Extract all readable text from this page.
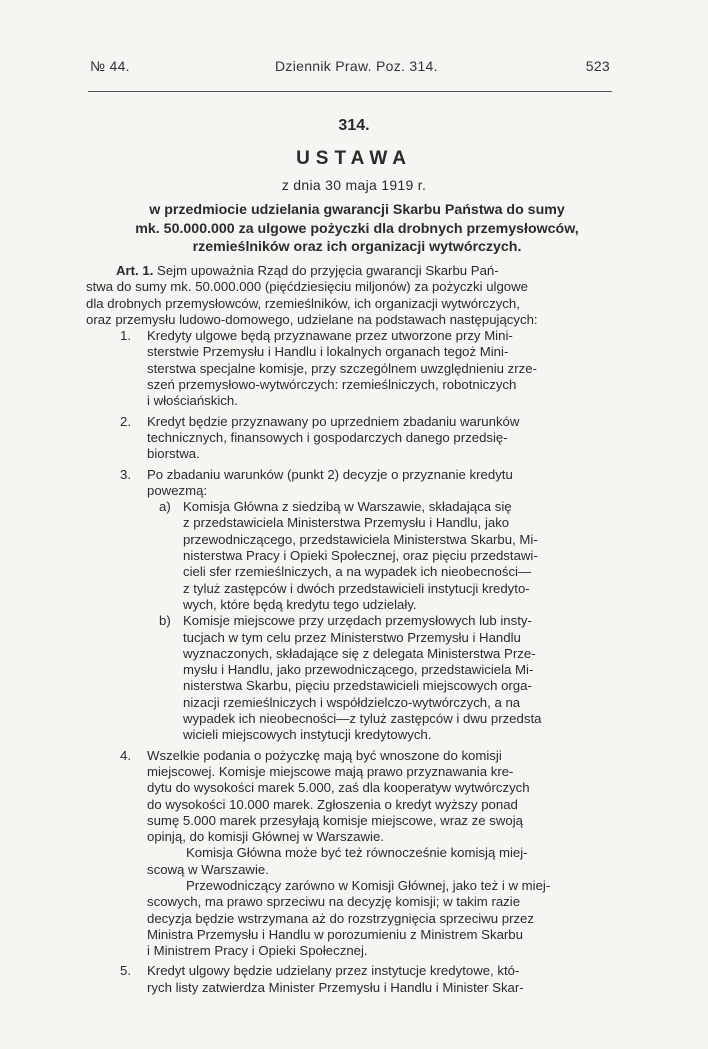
№ 44.	Dziennik Praw. Poz. 314.	523
314.
USTAWA
z dnia 30 maja 1919 r.
w przedmiocie udzielania gwarancji Skarbu Państwa do sumy
mk. 50.000.000 za ulgowe pożyczki dla drobnych przemysłowców,
rzemieślników oraz ich organizacji wytwórczych.
Art. 1. Sejm upoważnia Rząd do przyjęcia gwarancji Skarbu Pań-
stwa do sumy mk. 50.000.000 (pięćdziesięciu miljonów) za pożyczki ulgowe
dla drobnych przemysłowców, rzemieślników, ich organizacji wytwórczych,
oraz przemysłu ludowo-domowego, udzielane na podstawach następujących:
1.	Kredyty ulgowe będą przyznawane przez utworzone przy Mini-
sterstwie Przemysłu i Handlu i lokalnych organach tegoż Mini-
sterstwa specjalne komisje, przy szczególnem uwzględnieniu zrze-
szeń przemysłowo-wytwórczych: rzemieślniczych, robotniczych
i włościańskich.
2.	Kredyt będzie przyznawany po uprzedniem zbadaniu warunków
technicznych, finansowych i gospodarczych danego przedsię-
biorstwa.
3.	Po zbadaniu warunków (punkt 2) decyzje o przyznanie kredytu
powezmą:
a) Komisja Główna z siedzibą w Warszawie, składająca się
z przedstawiciela Ministerstwa Przemysłu i Handlu, jako
przewodniczącego, przedstawiciela Ministerstwa Skarbu, Mi-
nisterstwa Pracy i Opieki Społecznej, oraz pięciu przedstawi-
cieli sfer rzemieślniczych, a na wypadek ich nieobecności—
z tyluż zastępców i dwóch przedstawicieli instytucji kredyto-
wych, które będą kredytu tego udzielały.
b) Komisje miejscowe przy urzędach przemysłowych lub insty-
tucjach w tym celu przez Ministerstwo Przemysłu i Handlu
wyznaczonych, składające się z delegata Ministerstwa Prze-
mysłu i Handlu, jako przewodniczącego, przedstawiciela Mi-
nisterstwa Skarbu, pięciu przedstawicieli miejscowych orga-
nizacji rzemieślniczych i współdzielczo-wytwórczych, a na
wypadek ich nieobecności—z tyluż zastępców i dwu przedsta
wicieli miejscowych instytucji kredytowych.
4.	Wszelkie podania o pożyczkę mają być wnoszone do komisji
miejscowej. Komisje miejscowe mają prawo przyznawania kre-
dytu do wysokości marek 5.000, zaś dla kooperatyw wytwórczych
do wysokości 10.000 marek. Zgłoszenia o kredyt wyższy ponad
sumę 5.000 marek przesyłają komisje miejscowe, wraz ze swoją
opinją, do komisji Głównej w Warszawie.
Komisja Główna może być też równocześnie komisją miej-
scową w Warszawie.
Przewodniczący zarówno w Komisji Głównej, jako też i w miej-
scowych, ma prawo sprzeciwu na decyzję komisji; w takim razie
decyzja będzie wstrzymana aż do rozstrzygnięcia sprzeciwu przez
Ministra Przemysłu i Handlu w porozumieniu z Ministrem Skarbu
i Ministrem Pracy i Opieki Społecznej.
5.	Kredyt ulgowy będzie udzielany przez instytucje kredytowe, któ-
rych listy zatwierdza Minister Przemysłu i Handlu i Minister Skar-
